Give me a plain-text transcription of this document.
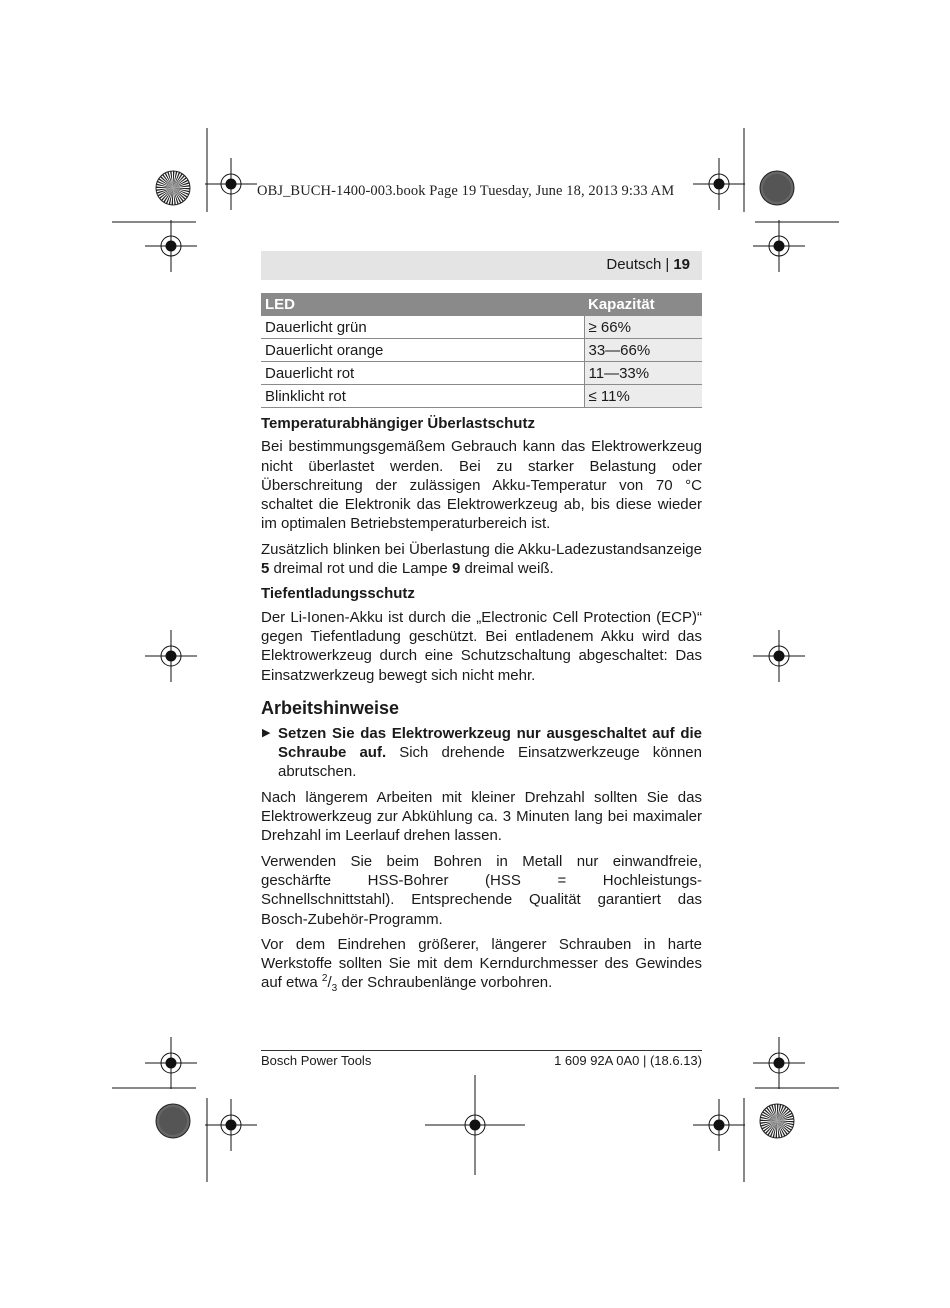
OBJ_BUCH-1400-003.book Page 19 Tuesday, June 18, 2013 9:33 AM
Deutsch | 19
LED	Kapazität
Dauerlicht grün	≥ 66%
Dauerlicht orange	33—66%
Dauerlicht rot	11—33%
Blinklicht rot	≤ 11%
Temperaturabhängiger Überlastschutz

Bei bestimmungsgemäßem Gebrauch kann das Elektrowerkzeug nicht überlastet werden. Bei zu starker Belastung oder Überschreitung der zulässigen Akku-Temperatur von 70 °C schaltet die Elektronik das Elektrowerkzeug ab, bis diese wieder im optimalen Betriebstemperaturbereich ist.

Zusätzlich blinken bei Überlastung die Akku-Ladezustandsanzeige 5 dreimal rot und die Lampe 9 dreimal weiß.

Tiefentladungsschutz

Der Li-Ionen-Akku ist durch die „Electronic Cell Protection (ECP)“ gegen Tiefentladung geschützt. Bei entladenem Akku wird das Elektrowerkzeug durch eine Schutzschaltung abgeschaltet: Das Einsatzwerkzeug bewegt sich nicht mehr.

Arbeitshinweise

▶ Setzen Sie das Elektrowerkzeug nur ausgeschaltet auf die Schraube auf. Sich drehende Einsatzwerkzeuge können abrutschen.

Nach längerem Arbeiten mit kleiner Drehzahl sollten Sie das Elektrowerkzeug zur Abkühlung ca. 3 Minuten lang bei maximaler Drehzahl im Leerlauf drehen lassen.

Verwenden Sie beim Bohren in Metall nur einwandfreie, geschärfte HSS-Bohrer (HSS = Hochleistungs-Schnellschnittstahl). Entsprechende Qualität garantiert das Bosch-Zubehör-Programm.

Vor dem Eindrehen größerer, längerer Schrauben in harte Werkstoffe sollten Sie mit dem Kerndurchmesser des Gewindes auf etwa $^2/_3$ der Schraubenlänge vorbohren.

Bosch Power Tools	1 609 92A 0A0 | (18.6.13)
